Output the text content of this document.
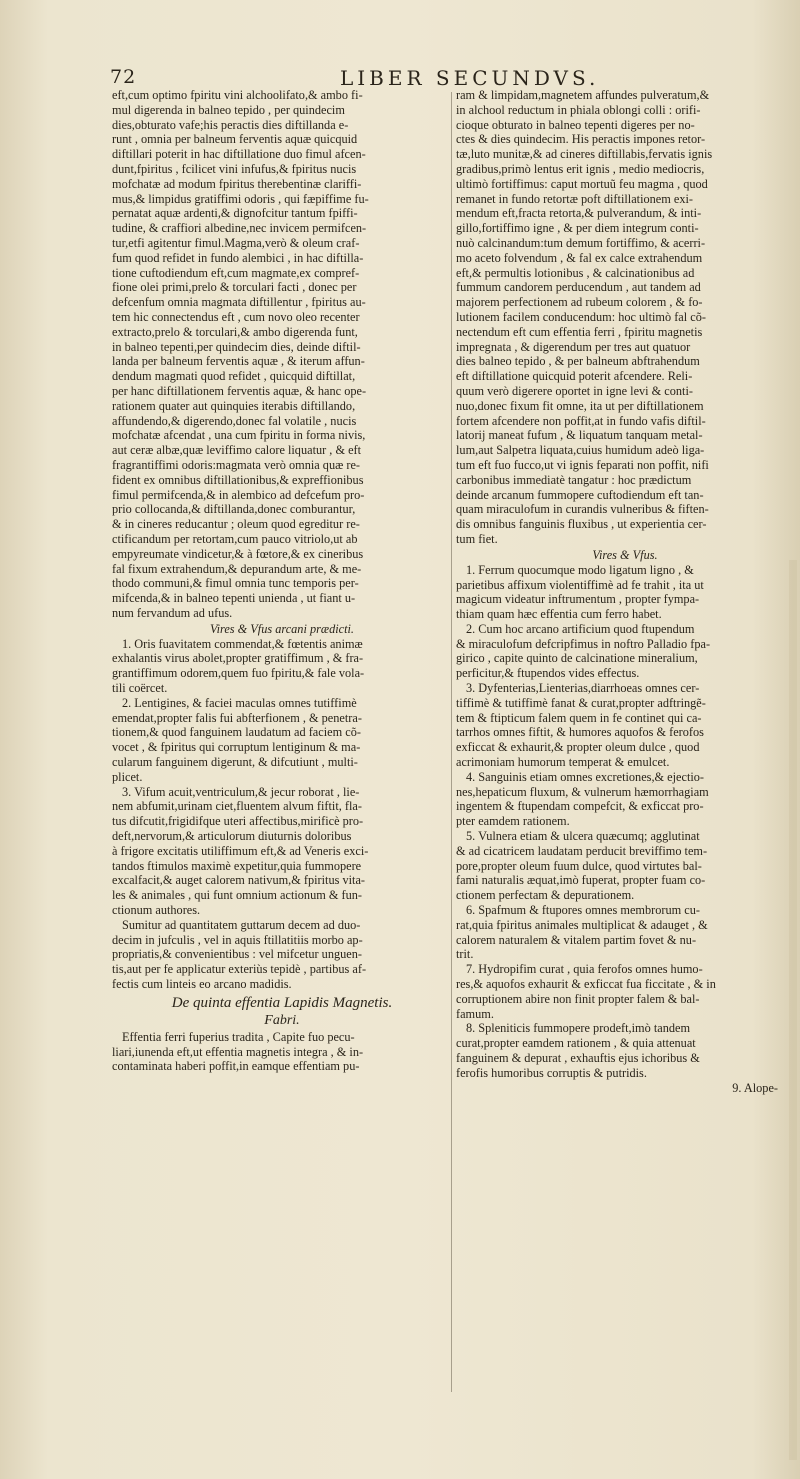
72	LIBER SECUNDVS.
eft,cum optimo fpiritu vini alchoolifato,& ambo fi-
mul digerenda in balneo tepido , per quindecim
dies,obturato vafe;his peractis dies diftillanda e-
runt , omnia per balneum ferventis aquæ quicquid
diftillari poterit in hac diftillatione duo fimul afcen-
dunt,fpiritus , fcilicet vini infufus,& fpiritus nucis
mofchatæ ad modum fpiritus therebentinæ clariffi-
mus,& limpidus gratiffimi odoris , qui fæpiffime fu-
pernatat aquæ ardenti,& dignofcitur tantum fpiffi-
tudine, & craffiori albedine,nec invicem permifcen-
tur,etfi agitentur fimul.Magma,verò & oleum craf-
fum quod refidet in fundo alembici , in hac diftilla-
tione cuftodiendum eft,cum magmate,ex compref-
fione olei primi,prelo & torculari facti , donec per
defcenfum omnia magmata diftillentur , fpiritus au-
tem hic connectendus eft , cum novo oleo recenter
extracto,prelo & torculari,& ambo digerenda funt,
in balneo tepenti,per quindecim dies, deinde diftil-
landa per balneum ferventis aquæ , & iterum affun-
dendum magmati quod refidet , quicquid diftillat,
per hanc diftillationem ferventis aquæ, & hanc ope-
rationem quater aut quinquies iterabis diftillando,
affundendo,& digerendo,donec fal volatile , nucis
mofchatæ afcendat , una cum fpiritu in forma nivis,
aut ceræ albæ,quæ leviffimo calore liquatur , & eft
fragrantiffimi odoris:magmata verò omnia quæ re-
fident ex omnibus diftillationibus,& expreffionibus
fimul permifcenda,& in alembico ad defcefum pro-
prio collocanda,& diftillanda,donec comburantur,
& in cineres reducantur ; oleum quod egreditur re-
ctificandum per retortam,cum pauco vitriolo,ut ab
empyreumate vindicetur,& à fœtore,& ex cineribus
fal fixum extrahendum,& depurandum arte, & me-
thodo communi,& fimul omnia tunc temporis per-
mifcenda,& in balneo tepenti unienda , ut fiant u-
num fervandum ad ufus.
Vires & Vfus arcani prædicti.
1. Oris fuavitatem commendat,& fœtentis animæ
exhalantis virus abolet,propter gratiffimum , & fra-
grantiffimum odorem,quem fuo fpiritu,& fale vola-
tili coërcet.
2. Lentigines, & faciei maculas omnes tutiffimè
emendat,propter falis fui abfterfionem , & penetra-
tionem,& quod fanguinem laudatum ad faciem cõ-
vocet , & fpiritus qui corruptum lentiginum & ma-
cularum fanguinem digerunt, & difcutiunt , multi-
plicet.
3. Vifum acuit,ventriculum,& jecur roborat , lie-
nem abfumit,urinam ciet,fluentem alvum fiftit, fla-
tus difcutit,frigidifque uteri affectibus,mirificè pro-
deft,nervorum,& articulorum diuturnis doloribus
à frigore excitatis utiliffimum eft,& ad Veneris exci-
tandos ftimulos maximè expetitur,quia fummopere
excalfacit,& auget calorem nativum,& fpiritus vita-
les & animales , qui funt omnium actionum & fun-
ctionum authores.
Sumitur ad quantitatem guttarum decem ad duo-
decim in jufculis , vel in aquis ftillatitiis morbo ap-
propriatis,& convenientibus : vel mifcetur unguen-
tis,aut per fe applicatur exteriùs tepidè , partibus af-
fectis cum linteis eo arcano madidis.
De quinta effentia Lapidis Magnetis.
Fabri.
Effentia ferri fuperius tradita , Capite fuo pecu-
liari,iunenda eft,ut effentia magnetis integra , & in-
contaminata haberi poffit,in eamque effentiam pu-
ram & limpidam,magnetem affundes pulveratum,&
in alchool reductum in phiala oblongi colli : orifi-
cioque obturato in balneo tepenti digeres per no-
ctes & dies quindecim. His peractis impones retor-
tæ,luto munitæ,& ad cineres diftillabis,fervatis ignis
gradibus,primò lentus erit ignis , medio mediocris,
ultimò fortiffimus: caput mortuũ feu magma , quod
remanet in fundo retortæ poft diftillationem exi-
mendum eft,fracta retorta,& pulverandum, & inti-
gillo,fortiffimo igne , & per diem integrum conti-
nuò calcinandum:tum demum fortiffimo, & acerri-
mo aceto folvendum , & fal ex calce extrahendum
eft,& permultis lotionibus , & calcinationibus ad
fummum candorem perducendum , aut tandem ad
majorem perfectionem ad rubeum colorem , & fo-
lutionem facilem conducendum: hoc ultimò fal cõ-
nectendum eft cum effentia ferri , fpiritu magnetis
impregnata , & digerendum per tres aut quatuor
dies balneo tepido , & per balneum abftrahendum
eft diftillatione quicquid poterit afcendere. Reli-
quum verò digerere oportet in igne levi & conti-
nuo,donec fixum fit omne, ita ut per diftillationem
fortem afcendere non poffit,at in fundo vafis diftil-
latorij maneat fufum , & liquatum tanquam metal-
lum,aut Salpetra liquata,cuius humidum adeò liga-
tum eft fuo fucco,ut vi ignis feparati non poffit, nifi
carbonibus immediatè tangatur : hoc prædictum
deinde arcanum fummopere cuftodiendum eft tan-
quam miraculofum in curandis vulneribus & fiften-
dis omnibus fanguinis fluxibus , ut experientia cer-
tum fiet.
Vires & Vfus.
1. Ferrum quocumque modo ligatum ligno , &
parietibus affixum violentiffimè ad fe trahit , ita ut
magicum videatur inftrumentum , propter fympa-
thiam quam hæc effentia cum ferro habet.
2. Cum hoc arcano artificium quod ftupendum
& miraculofum defcripfimus in noftro Palladio fpa-
girico , capite quinto de calcinatione mineralium,
perficitur,& ftupendos vides effectus.
3. Dyfenterias,Lienterias,diarrhoeas omnes cer-
tiffimè & tutiffimè fanat & curat,propter adftringẽ-
tem & ftipticum falem quem in fe continet qui ca-
tarrhos omnes fiftit, & humores aquofos & ferofos
exficcat & exhaurit,& propter oleum dulce , quod
acrimoniam humorum temperat & emulcet.
4. Sanguinis etiam omnes excretiones,& ejectio-
nes,hepaticum fluxum, & vulnerum hæmorrhagiam
ingentem & ftupendam compefcit, & exficcat pro-
pter eamdem rationem.
5. Vulnera etiam & ulcera quæcumq; agglutinat
& ad cicatricem laudatam perducit breviffimo tem-
pore,propter oleum fuum dulce, quod virtutes bal-
fami naturalis æquat,imò fuperat, propter fuam co-
ctionem perfectam & depurationem.
6. Spafmum & ftupores omnes membrorum cu-
rat,quia fpiritus animales multiplicat & adauget , &
calorem naturalem & vitalem partim fovet & nu-
trit.
7. Hydropifim curat , quia ferofos omnes humo-
res,& aquofos exhaurit & exficcat fua ficcitate , & in
corruptionem abire non finit propter falem & bal-
famum.
8. Spleniticis fummopere prodeft,imò tandem
curat,propter eamdem rationem , & quia attenuat
fanguinem & depurat , exhauftis ejus ichoribus &
ferofis humoribus corruptis & putridis.
9. Alope-
